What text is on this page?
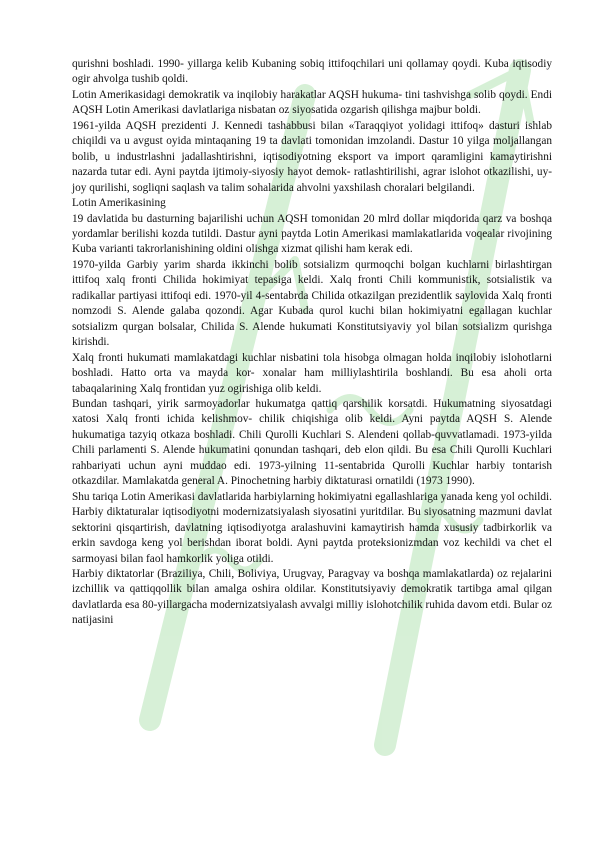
qurishni boshladi. 1990- yillarga kelib Kubaning sobiq ittifoqchilari uni qollamay qoydi. Kuba iqtisodiy ogir ahvolga tushib qoldi.

Lotin Amerikasidagi demokratik va inqilobiy harakatlar AQSH hukuma- tini tashvishga solib qoydi. Endi AQSH Lotin Amerikasi davlatlariga nisbatan oz siyosatida ozgarish qilishga majbur boldi.

1961-yilda AQSH prezidenti J. Kennedi tashabbusi bilan «Taraqqiyot yolidagi ittifoq» dasturi ishlab chiqildi va u avgust oyida mintaqaning 19 ta davlati tomonidan imzolandi. Dastur 10 yilga moljallangan bolib, u industrlashni jadallashtirishni, iqtisodiyotning eksport va import qaramligini kamaytirishni nazarda tutar edi. Ayni paytda ijtimoiy-siyosiy hayot demok- ratlashtirilishi, agrar islohot otkazilishi, uy-joy qurilishi, sogliqni saqlash va talim sohalarida ahvolni yaxshilash choralari belgilandi.

Lotin Amerikasining

19 davlatida bu dasturning bajarilishi uchun AQSH tomonidan 20 mlrd dollar miqdorida qarz va boshqa yordamlar berilishi kozda tutildi. Dastur ayni paytda Lotin Amerikasi mamlakatlarida voqealar rivojining Kuba varianti takrorlanishining oldini olishga xizmat qilishi ham kerak edi.

1970-yilda Garbiy yarim sharda ikkinchi bolib sotsializm qurmoqchi bolgan kuchlarni birlashtirgan ittifoq xalq fronti Chilida hokimiyat tepasiga keldi. Xalq fronti Chili kommunistik, sotsialistik va radikallar partiyasi ittifoqi edi. 1970-yil 4-sentabrda Chilida otkazilgan prezidentlik saylovida Xalq fronti nomzodi S. Alende galaba qozondi. Agar Kubada qurol kuchi bilan hokimiyatni egallagan kuchlar sotsializm qurgan bolsalar, Chilida S. Alende hukumati Konstitutsiyaviy yol bilan sotsializm qurishga kirishdi.

Xalq fronti hukumati mamlakatdagi kuchlar nisbatini tola hisobga olmagan holda inqilobiy islohotlarni boshladi. Hatto orta va mayda kor- xonalar ham milliylashtirila boshlandi. Bu esa aholi orta tabaqalarining Xalq frontidan yuz ogirishiga olib keldi.

Bundan tashqari, yirik sarmoyadorlar hukumatga qattiq qarshilik korsatdi. Hukumatning siyosatdagi xatosi Xalq fronti ichida kelishmov- chilik chiqishiga olib keldi. Ayni paytda AQSH S. Alende hukumatiga tazyiq otkaza boshladi. Chili Qurolli Kuchlari S. Alendeni qollab-quvvatlamadi. 1973-yilda Chili parlamenti S. Alende hukumatini qonundan tashqari, deb elon qildi. Bu esa Chili Qurolli Kuchlari rahbariyati uchun ayni muddao edi. 1973-yilning 11-sentabrida Qurolli Kuchlar harbiy tontarish otkazdilar. Mamlakatda general A. Pinochetning harbiy diktaturasi ornatildi (1973 1990).

Shu tariqa Lotin Amerikasi davlatlarida harbiylarning hokimiyatni egallashlariga yanada keng yol ochildi. Harbiy diktaturalar iqtisodiyotni modernizatsiyalash siyosatini yuritdilar. Bu siyosatning mazmuni davlat sektorini qisqartirish, davlatning iqtisodiyotga aralashuvini kamaytirish hamda xususiy tadbirkorlik va erkin savdoga keng yol berishdan iborat boldi. Ayni paytda proteksionizmdan voz kechildi va chet el sarmoyasi bilan faol hamkorlik yoliga otildi.

Harbiy diktatorlar (Braziliya, Chili, Boliviya, Urugvay, Paragvay va boshqa mamlakatlarda) oz rejalarini izchillik va qattiqqollik bilan amalga oshira oldilar. Konstitutsiyaviy demokratik tartibga amal qilgan davlatlarda esa 80-yillargacha modernizatsiyalash avvalgi milliy islohotchilik ruhida davom etdi. Bular oz natijasini
